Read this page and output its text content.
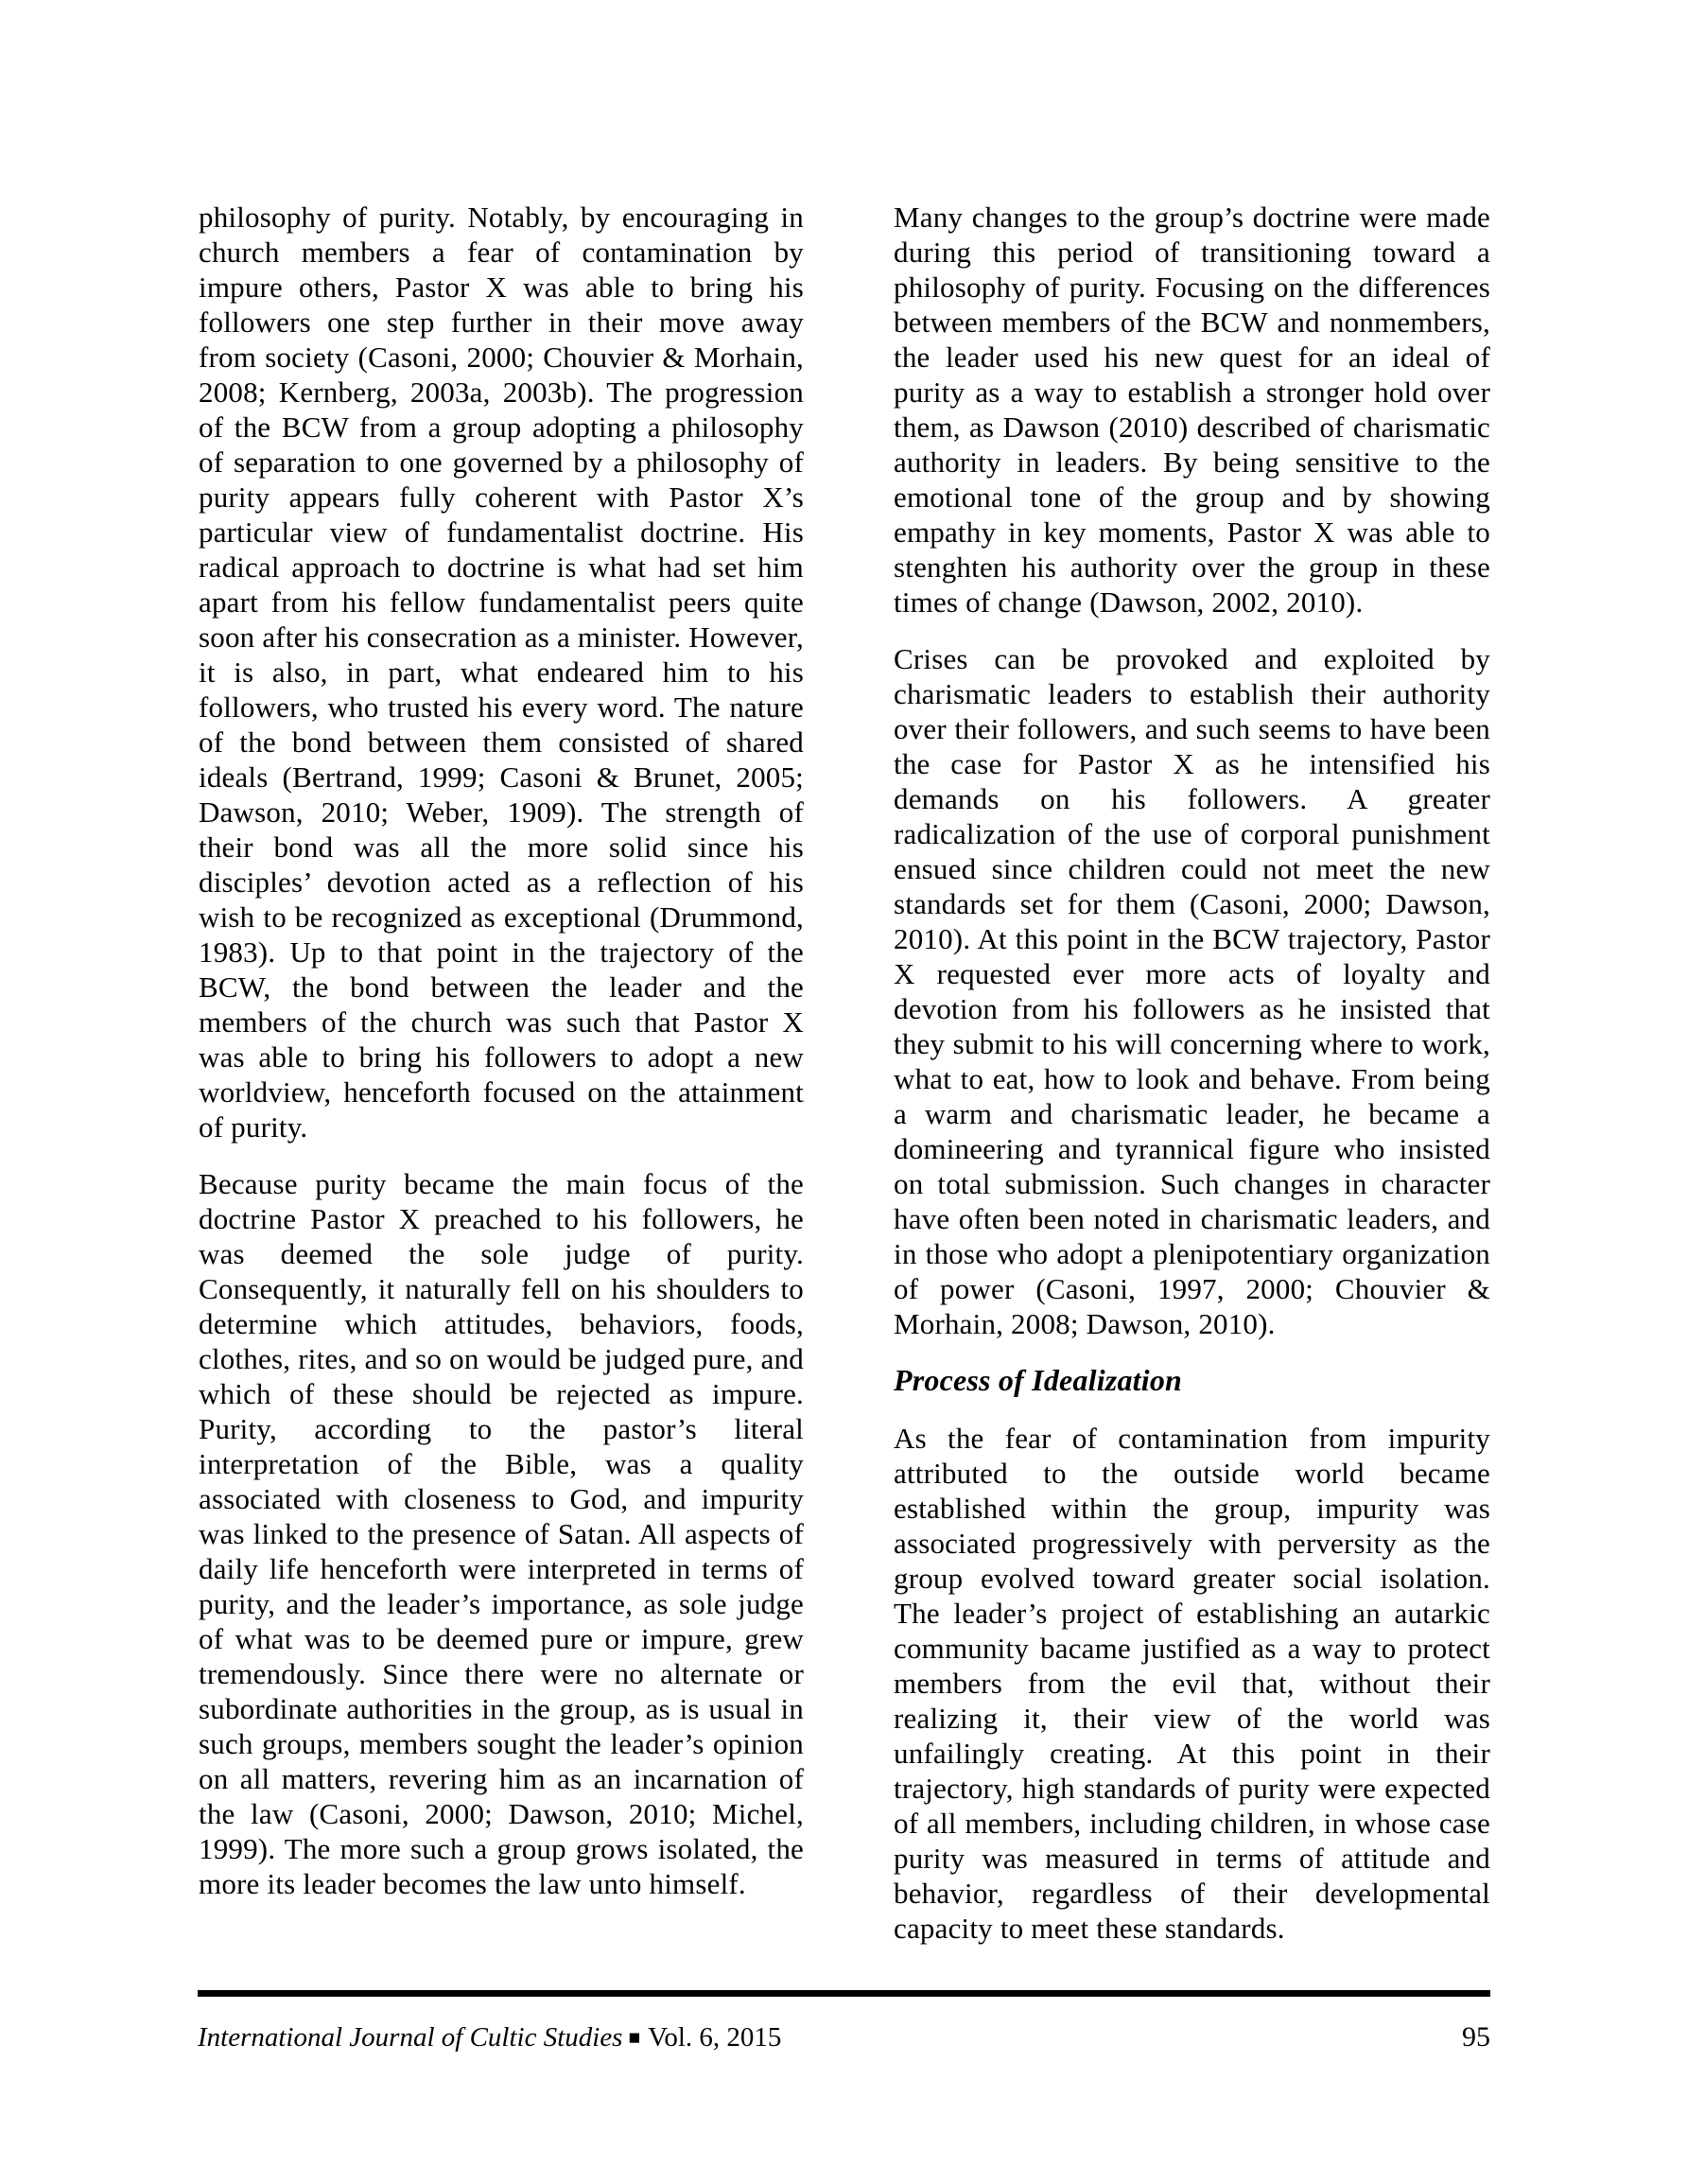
philosophy of purity. Notably, by encouraging in church members a fear of contamination by impure others, Pastor X was able to bring his followers one step further in their move away from society (Casoni, 2000; Chouvier & Morhain, 2008; Kernberg, 2003a, 2003b). The progression of the BCW from a group adopting a philosophy of separation to one governed by a philosophy of purity appears fully coherent with Pastor X’s particular view of fundamentalist doctrine. His radical approach to doctrine is what had set him apart from his fellow fundamentalist peers quite soon after his consecration as a minister. However, it is also, in part, what endeared him to his followers, who trusted his every word. The nature of the bond between them consisted of shared ideals (Bertrand, 1999; Casoni & Brunet, 2005; Dawson, 2010; Weber, 1909). The strength of their bond was all the more solid since his disciples’ devotion acted as a reflection of his wish to be recognized as exceptional (Drummond, 1983). Up to that point in the trajectory of the BCW, the bond between the leader and the members of the church was such that Pastor X was able to bring his followers to adopt a new worldview, henceforth focused on the attainment of purity.

Because purity became the main focus of the doctrine Pastor X preached to his followers, he was deemed the sole judge of purity. Consequently, it naturally fell on his shoulders to determine which attitudes, behaviors, foods, clothes, rites, and so on would be judged pure, and which of these should be rejected as impure. Purity, according to the pastor’s literal interpretation of the Bible, was a quality associated with closeness to God, and impurity was linked to the presence of Satan. All aspects of daily life henceforth were interpreted in terms of purity, and the leader’s importance, as sole judge of what was to be deemed pure or impure, grew tremendously. Since there were no alternate or subordinate authorities in the group, as is usual in such groups, members sought the leader’s opinion on all matters, revering him as an incarnation of the law (Casoni, 2000; Dawson, 2010; Michel, 1999). The more such a group grows isolated, the more its leader becomes the law unto himself.

Many changes to the group’s doctrine were made during this period of transitioning toward a philosophy of purity. Focusing on the differences between members of the BCW and nonmembers, the leader used his new quest for an ideal of purity as a way to establish a stronger hold over them, as Dawson (2010) described of charismatic authority in leaders. By being sensitive to the emotional tone of the group and by showing empathy in key moments, Pastor X was able to stenghten his authority over the group in these times of change (Dawson, 2002, 2010).

Crises can be provoked and exploited by charismatic leaders to establish their authority over their followers, and such seems to have been the case for Pastor X as he intensified his demands on his followers. A greater radicalization of the use of corporal punishment ensued since children could not meet the new standards set for them (Casoni, 2000; Dawson, 2010). At this point in the BCW trajectory, Pastor X requested ever more acts of loyalty and devotion from his followers as he insisted that they submit to his will concerning where to work, what to eat, how to look and behave. From being a warm and charismatic leader, he became a domineering and tyrannical figure who insisted on total submission. Such changes in character have often been noted in charismatic leaders, and in those who adopt a plenipotentiary organization of power (Casoni, 1997, 2000; Chouvier & Morhain, 2008; Dawson, 2010).

Process of Idealization

As the fear of contamination from impurity attributed to the outside world became established within the group, impurity was associated progressively with perversity as the group evolved toward greater social isolation. The leader’s project of establishing an autarkic community bacame justified as a way to protect members from the evil that, without their realizing it, their view of the world was unfailingly creating. At this point in their trajectory, high standards of purity were expected of all members, including children, in whose case purity was measured in terms of attitude and behavior, regardless of their developmental capacity to meet these standards.

International Journal of Cultic Studies ■ Vol. 6, 2015	95
